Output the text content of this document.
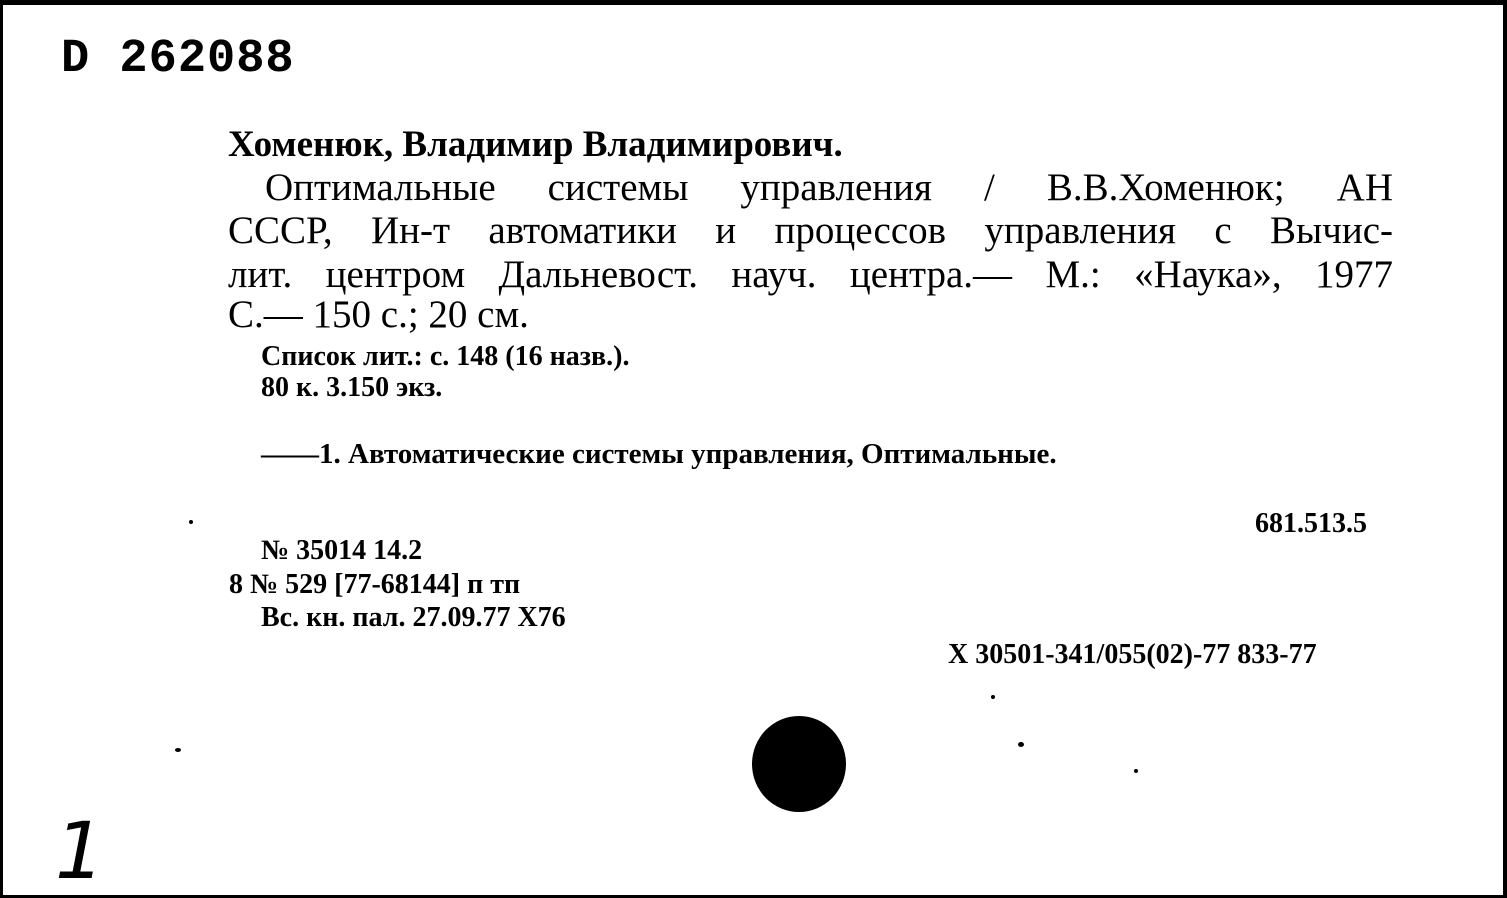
D 262088
Хоменюк, Владимир Владимирович.
Оптимальные системы управления / В.В.Хоменюк; АН
СССР, Ин-т автоматики и процессов управления с Вычис-
лит. центром Дальневост. науч. центра.— М.: «Наука», 1977
С.— 150 с.; 20 см.
Список лит.: с. 148 (16 назв.).
80 к. 3.150 экз.
——1. Автоматические системы управления, Оптимальные.
681.513.5
№ 35014 14.2
8 № 529 [77-68144] п тп
Вс. кн. пал. 27.09.77 Х76
Х 30501-341/055(02)-77 833-77
1
